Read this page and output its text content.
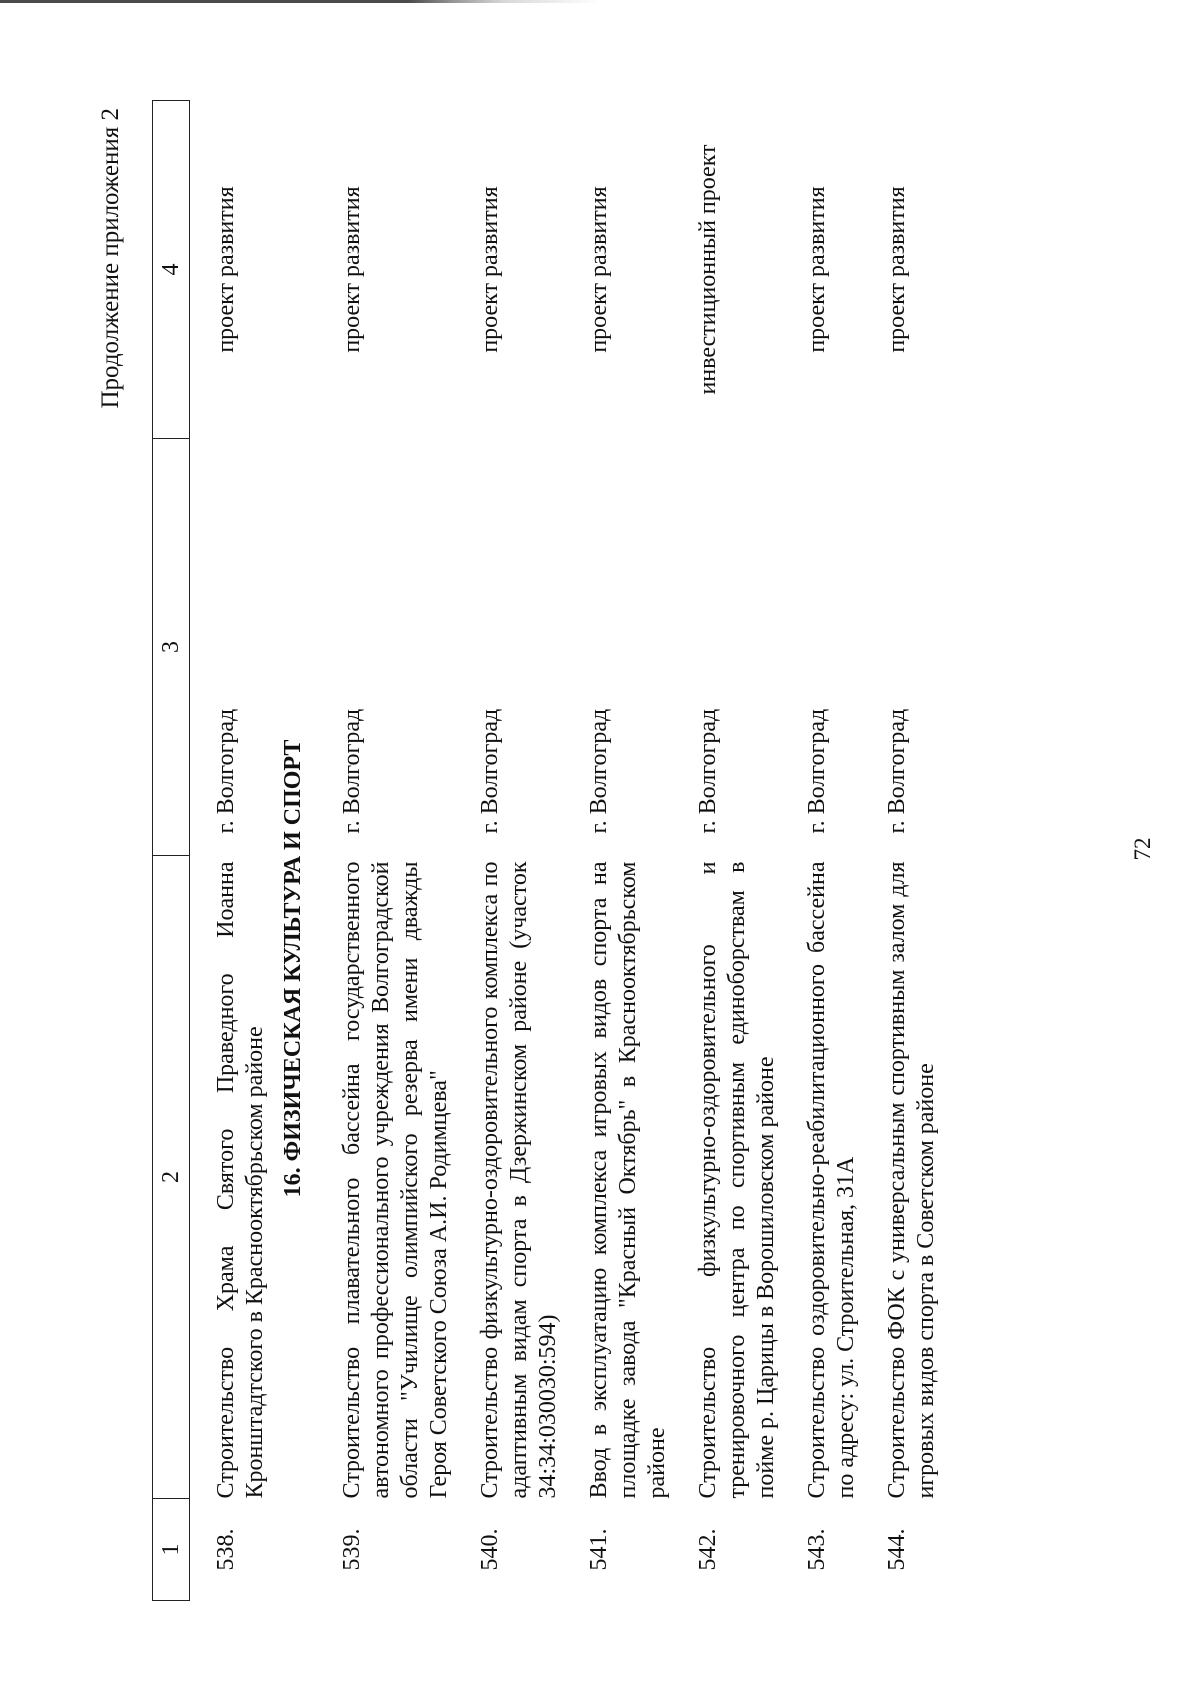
72
Продолжение приложения 2
1	2	3	4
538.	Строительство Храма Святого Праведного Иоанна Кронштадтского в Краснооктябрьском районе	г. Волгоград	проект развития
	16. ФИЗИЧЕСКАЯ КУЛЬТУРА И СПОРТ		
539.	Строительство плавательного бассейна государственного автономного профессионального учреждения Волгоградской области "Училище олимпийского резерва имени дважды Героя Советского Союза А.И. Родимцева"	г. Волгоград	проект развития
540.	Строительство физкультурно-оздоровительного комплекса по адаптивным видам спорта в Дзержинском районе (участок 34:34:030030:594)	г. Волгоград	проект развития
541.	Ввод в эксплуатацию комплекса игровых видов спорта на площадке завода "Красный Октябрь" в Краснооктябрьском районе	г. Волгоград	проект развития
542.	Строительство физкультурно-оздоровительного и тренировочного центра по спортивным единоборствам в пойме р. Царицы в Ворошиловском районе	г. Волгоград	инвестиционный проект
543.	Строительство оздоровительно-реабилитационного бассейна по адресу: ул. Строительная, 31А	г. Волгоград	проект развития
544.	Строительство ФОК с универсальным спортивным залом для игровых видов спорта в Советском районе	г. Волгоград	проект развития
